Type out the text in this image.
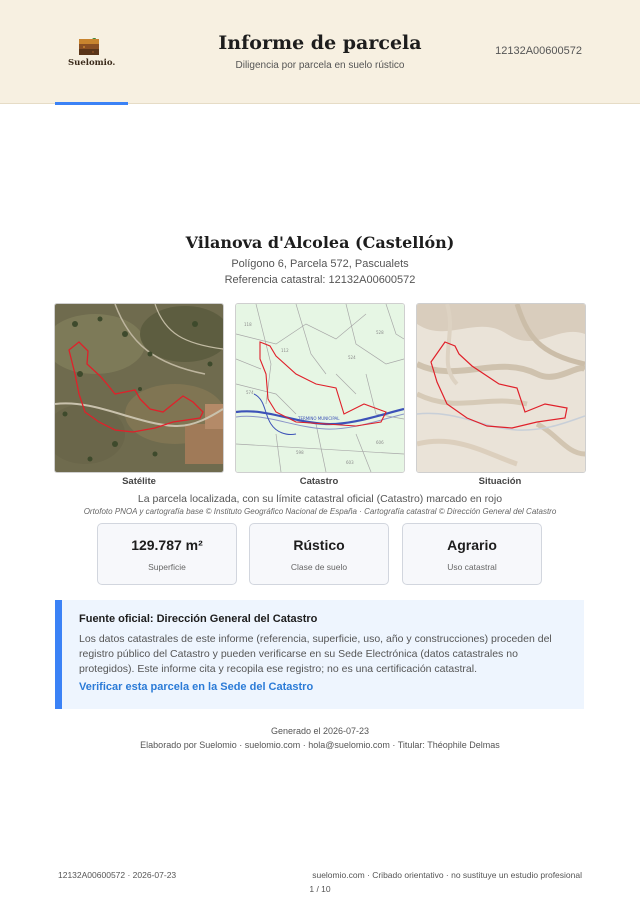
Suelomio.
Informe de parcela
Diligencia por parcela en suelo rústico
12132A00600572
Vilanova d'Alcolea (Castellón)
Polígono 6, Parcela 572, Pascualets
Referencia catastral: 12132A00600572
Satélite
118
112
524
528
574
598
603
606
TERMINO MUNICIPAL
Catastro	Situación
La parcela localizada, con su límite catastral oficial (Catastro) marcado en rojo
Ortofoto PNOA y cartografía base © Instituto Geográfico Nacional de España · Cartografía catastral © Dirección General del Catastro
129.787 m²
Superficie
Rústico
Clase de suelo
Agrario
Uso catastral
Fuente oficial: Dirección General del Catastro
Los datos catastrales de este informe (referencia, superficie, uso, año y construcciones) proceden del registro público del Catastro y pueden verificarse en su Sede Electrónica (datos catastrales no protegidos). Este informe cita y recopila ese registro; no es una certificación catastral.
Verificar esta parcela en la Sede del Catastro
Generado el 2026-07-23
Elaborado por Suelomio · suelomio.com · hola@suelomio.com · Titular: Théophile Delmas
12132A00600572 · 2026-07-23	suelomio.com · Cribado orientativo · no sustituye un estudio profesional
1 / 10
